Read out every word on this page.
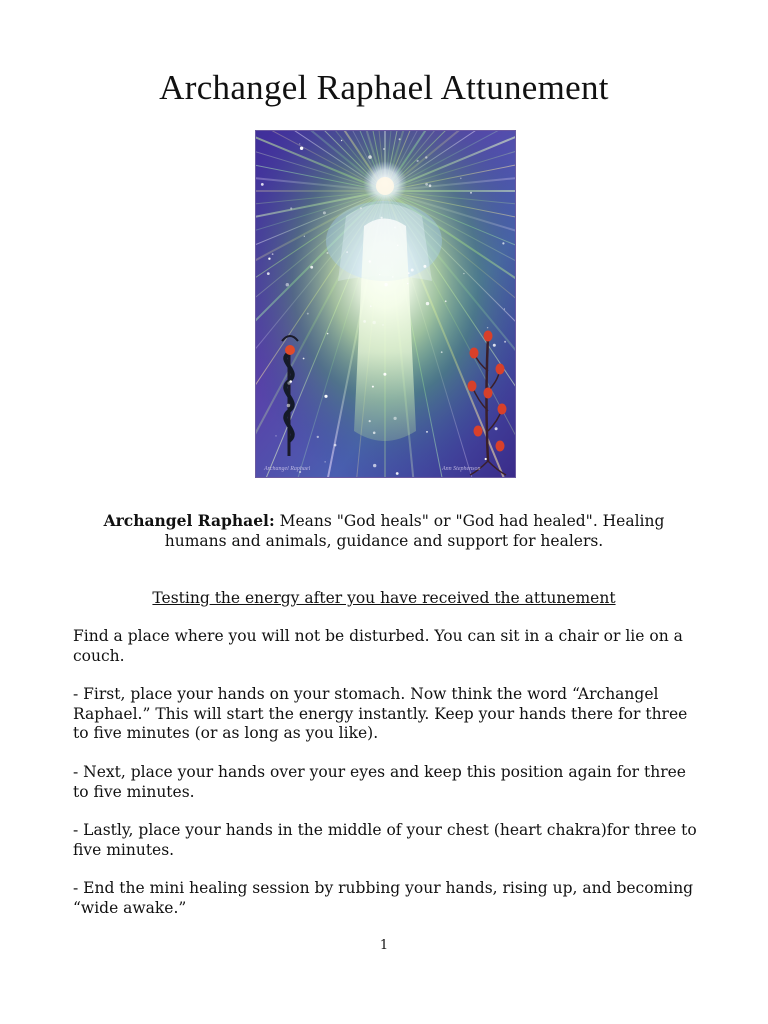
Archangel Raphael Attunement
Archangel Raphael	Ann Stephenson
Archangel Raphael: Means "God heals" or "God had healed". Healing humans and animals, guidance and support for healers.
Testing the energy after you have received the attunement

Find a place where you will not be disturbed. You can sit in a chair or lie on a couch.

- First, place your hands on your stomach. Now think the word “Archangel Raphael.” This will start the energy instantly. Keep your hands there for three to five minutes (or as long as you like).

- Next, place your hands over your eyes and keep this position again for three to five minutes.

- Lastly, place your hands in the middle of your chest (heart chakra)for three to five minutes.

- End the mini healing session by rubbing your hands, rising up, and becoming “wide awake.”

1
